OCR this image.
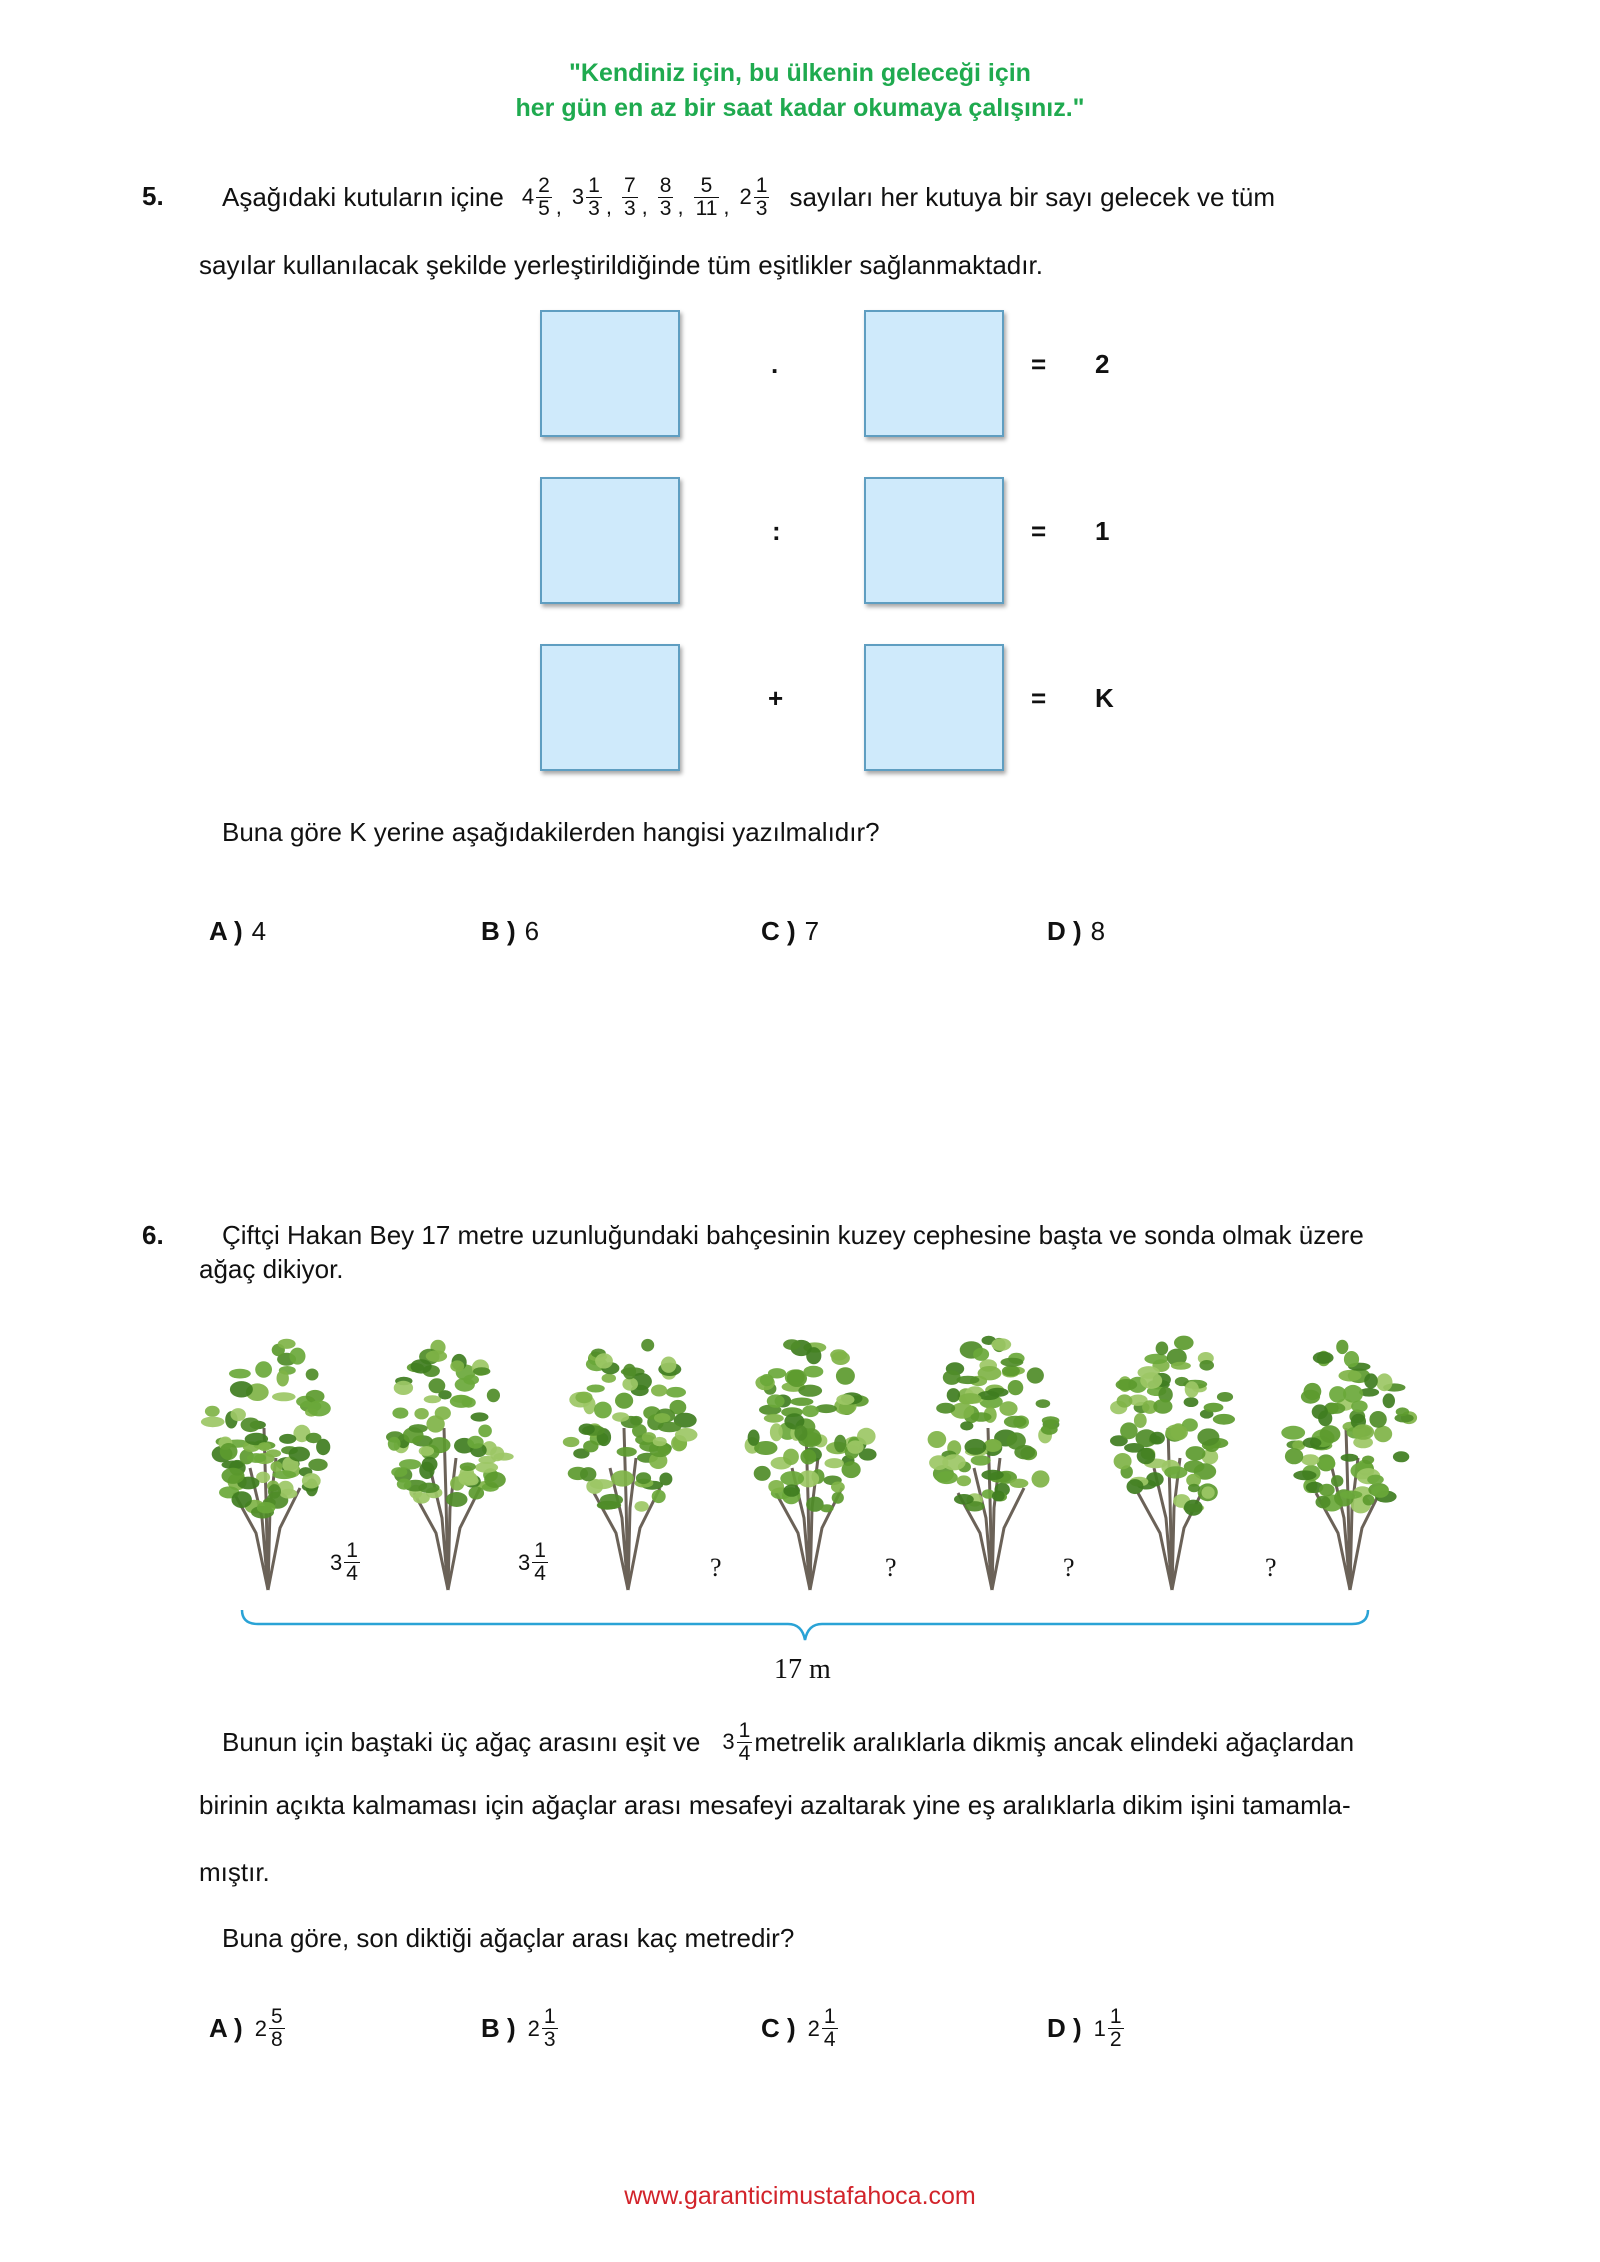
"Kendiniz için, bu ülkenin geleceği için
her gün en az bir saat kadar okumaya çalışınız."
5. Aşağıdaki kutuların içine $4 \frac{2}{5}$ , $3 \frac{1}{3}$ , $\frac{7}{3}$ , $\frac{8}{3}$ , $\frac{5}{11}$ , $2 \frac{1}{3}$ sayıları her kutuya bir sayı gelecek ve tüm
sayılar kullanılacak şekilde yerleştirildiğinde tüm eşitlikler sağlanmaktadır.
.	= 2
:	= 1
+	= K
Buna göre K yerine aşağıdakilerden hangisi yazılmalıdır?
A ) 4	B ) 6	C ) 7	D ) 8
6. Çiftçi Hakan Bey 17 metre uzunluğundaki bahçesinin kuzey cephesine başta ve sonda olmak üzere
ağaç dikiyor.
$3 \frac{1}{4}$	$3 \frac{1}{4}$	?	?	?	?
17 m
Bunun için baştaki üç ağaç arasını eşit ve $3 \frac{1}{4}$ metrelik aralıklarla dikmiş ancak elindeki ağaçlardan
birinin açıkta kalmaması için ağaçlar arası mesafeyi azaltarak yine eş aralıklarla dikim işini tamamla-
mıştır.
Buna göre, son diktiği ağaçlar arası kaç metredir?
A ) $2 \frac{5}{8}$	B ) $2 \frac{1}{3}$	C ) $2 \frac{1}{4}$	D ) $1 \frac{1}{2}$
www.garanticimustafahoca.com
